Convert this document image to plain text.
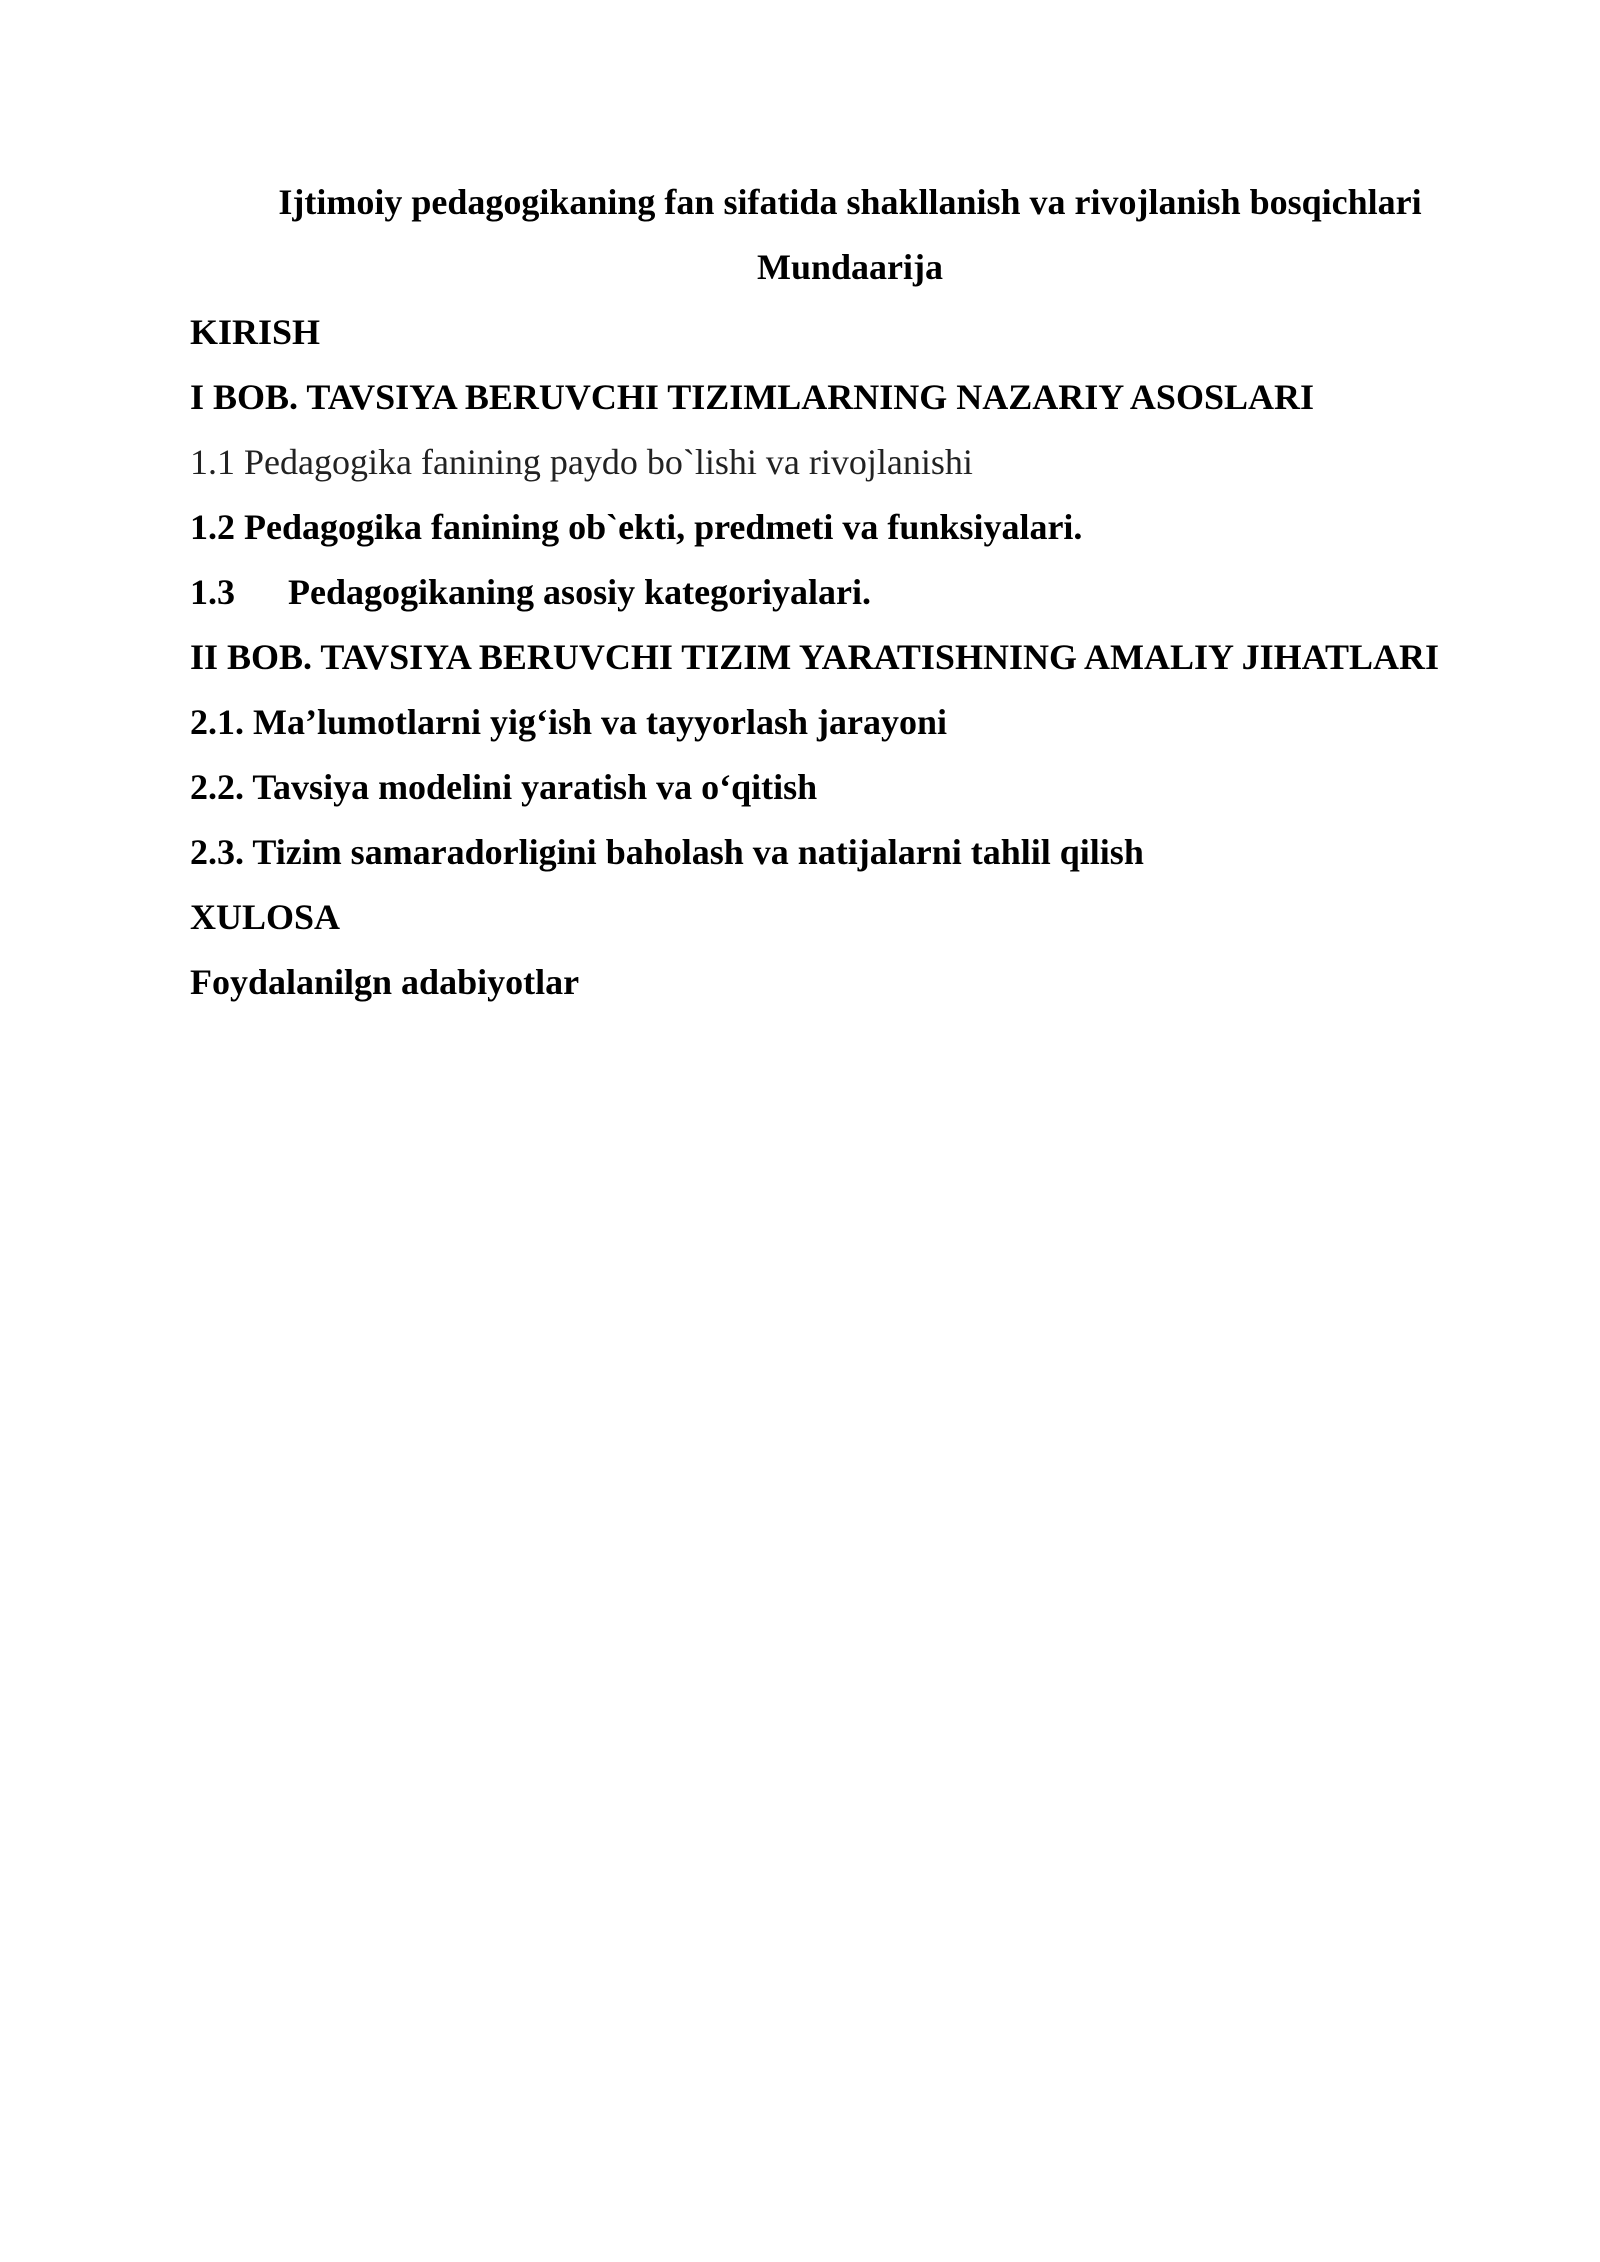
Ijtimoiy pedagogikaning fan sifatida shakllanish va rivojlanish bosqichlari
Mundaarija
KIRISH
I BOB. TAVSIYA BERUVCHI TIZIMLARNING NAZARIY ASOSLARI
1.1 Pedagogika fanining paydo bo`lishi va rivojlanishi
1.2 Pedagogika fanining ob`ekti, predmeti va funksiyalari.
1.3 Pedagogikaning asosiy kategoriyalari.
II BOB. TAVSIYA BERUVCHI TIZIM YARATISHNING AMALIY JIHATLARI
2.1. Ma’lumotlarni yig‘ish va tayyorlash jarayoni
2.2. Tavsiya modelini yaratish va o‘qitish
2.3. Tizim samaradorligini baholash va natijalarni tahlil qilish
XULOSA
Foydalanilgn adabiyotlar
